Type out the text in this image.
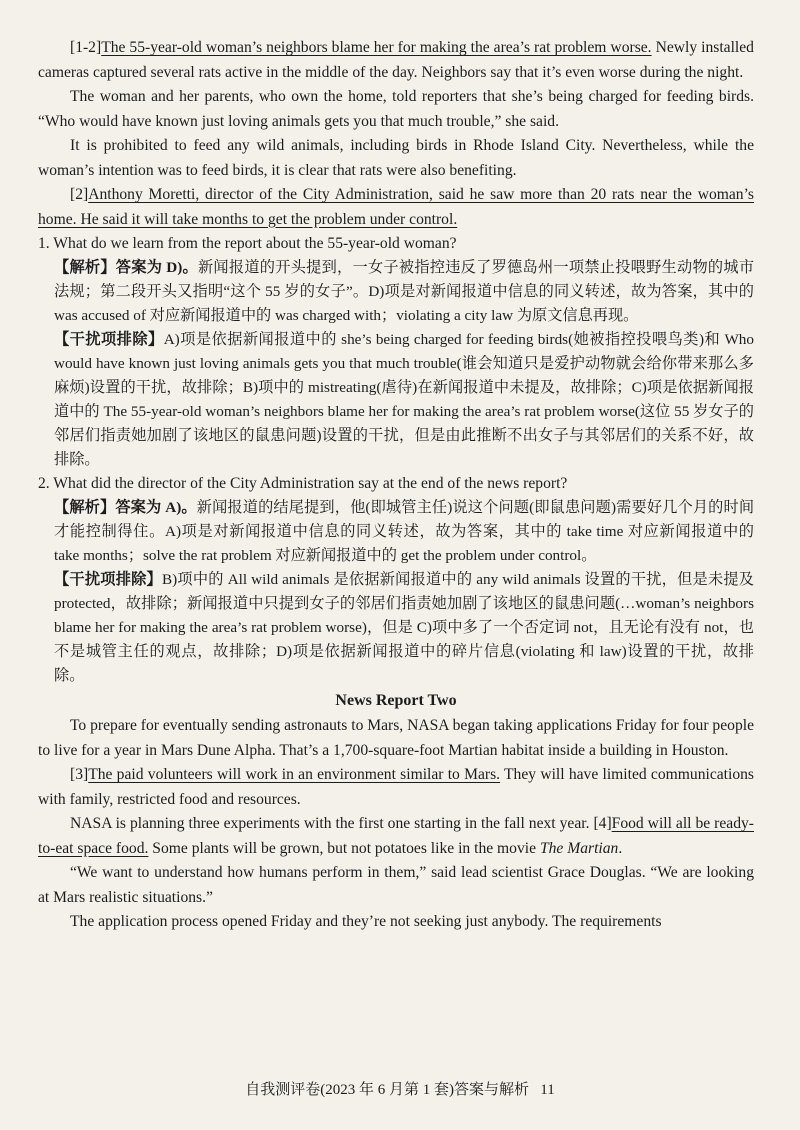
[1-2]The 55-year-old woman’s neighbors blame her for making the area’s rat problem worse. Newly installed cameras captured several rats active in the middle of the day. Neighbors say that it’s even worse during the night.

The woman and her parents, who own the home, told reporters that she’s being charged for feeding birds. “Who would have known just loving animals gets you that much trouble,” she said.

It is prohibited to feed any wild animals, including birds in Rhode Island City. Nevertheless, while the woman’s intention was to feed birds, it is clear that rats were also benefiting.

[2]Anthony Moretti, director of the City Administration, said he saw more than 20 rats near the woman’s home. He said it will take months to get the problem under control.

1. What do we learn from the report about the 55-year-old woman?

【解析】答案为 D)。新闻报道的开头提到，一女子被指控违反了罗德岛州一项禁止投喂野生动物的城市法规；第二段开头又指明“这个 55 岁的女子”。D)项是对新闻报道中信息的同义转述，故为答案，其中的 was accused of 对应新闻报道中的 was charged with；violating a city law 为原文信息再现。

【干扰项排除】A)项是依据新闻报道中的 she’s being charged for feeding birds(她被指控投喂鸟类)和 Who would have known just loving animals gets you that much trouble(谁会知道只是爱护动物就会给你带来那么多麻烦)设置的干扰，故排除；B)项中的 mistreating(虐待)在新闻报道中未提及，故排除；C)项是依据新闻报道中的 The 55-year-old woman’s neighbors blame her for making the area’s rat problem worse(这位 55 岁女子的邻居们指责她加剧了该地区的鼠患问题)设置的干扰，但是由此推断不出女子与其邻居们的关系不好，故排除。

2. What did the director of the City Administration say at the end of the news report?

【解析】答案为 A)。新闻报道的结尾提到，他(即城管主任)说这个问题(即鼠患问题)需要好几个月的时间才能控制得住。A)项是对新闻报道中信息的同义转述，故为答案，其中的 take time 对应新闻报道中的 take months；solve the rat problem 对应新闻报道中的 get the problem under control。

【干扰项排除】B)项中的 All wild animals 是依据新闻报道中的 any wild animals 设置的干扰，但是未提及 protected，故排除；新闻报道中只提到女子的邻居们指责她加剧了该地区的鼠患问题(…woman’s neighbors blame her for making the area’s rat problem worse)，但是 C)项中多了一个否定词 not，且无论有没有 not，也不是城管主任的观点，故排除；D)项是依据新闻报道中的碎片信息(violating 和 law)设置的干扰，故排除。

News Report Two

To prepare for eventually sending astronauts to Mars, NASA began taking applications Friday for four people to live for a year in Mars Dune Alpha. That’s a 1,700-square-foot Martian habitat inside a building in Houston.

[3]The paid volunteers will work in an environment similar to Mars. They will have limited communications with family, restricted food and resources.

NASA is planning three experiments with the first one starting in the fall next year. [4]Food will all be ready-to-eat space food. Some plants will be grown, but not potatoes like in the movie The Martian.

“We want to understand how humans perform in them,” said lead scientist Grace Douglas. “We are looking at Mars realistic situations.”

The application process opened Friday and they’re not seeking just anybody. The requirements

自我测评卷(2023 年 6 月第 1 套)答案与解析 11
